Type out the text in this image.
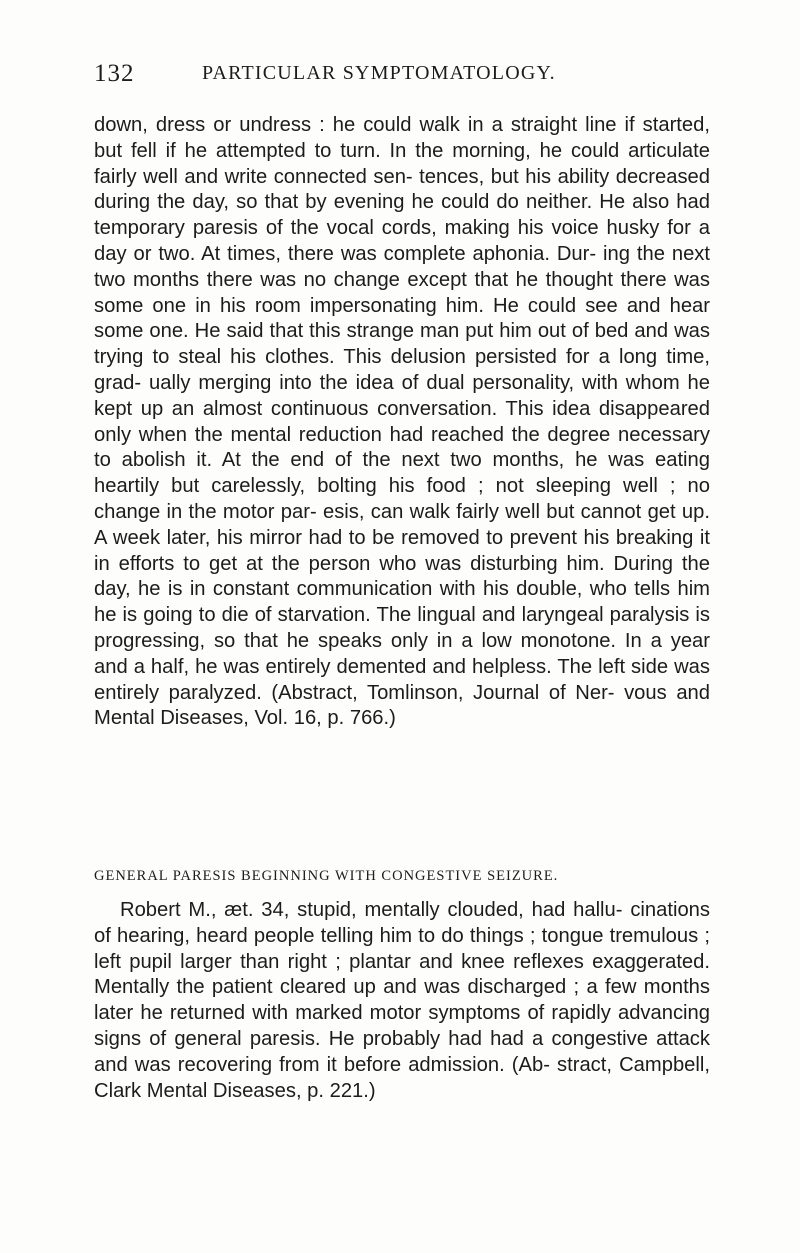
132	PARTICULAR SYMPTOMATOLOGY.

down, dress or undress : he could walk in a straight line if started, but fell if he attempted to turn. In the morning, he could articulate fairly well and write connected sen- tences, but his ability decreased during the day, so that by evening he could do neither. He also had temporary paresis of the vocal cords, making his voice husky for a day or two. At times, there was complete aphonia. Dur- ing the next two months there was no change except that he thought there was some one in his room impersonating him. He could see and hear some one. He said that this strange man put him out of bed and was trying to steal his clothes. This delusion persisted for a long time, grad- ually merging into the idea of dual personality, with whom he kept up an almost continuous conversation. This idea disappeared only when the mental reduction had reached the degree necessary to abolish it. At the end of the next two months, he was eating heartily but carelessly, bolting his food ; not sleeping well ; no change in the motor par- esis, can walk fairly well but cannot get up. A week later, his mirror had to be removed to prevent his breaking it in efforts to get at the person who was disturbing him. During the day, he is in constant communication with his double, who tells him he is going to die of starvation. The lingual and laryngeal paralysis is progressing, so that he speaks only in a low monotone. In a year and a half, he was entirely demented and helpless. The left side was entirely paralyzed. (Abstract, Tomlinson, Journal of Ner- vous and Mental Diseases, Vol. 16, p. 766.)

GENERAL PARESIS BEGINNING WITH CONGESTIVE SEIZURE.

Robert M., æt. 34, stupid, mentally clouded, had hallu- cinations of hearing, heard people telling him to do things ; tongue tremulous ; left pupil larger than right ; plantar and knee reflexes exaggerated. Mentally the patient cleared up and was discharged ; a few months later he returned with marked motor symptoms of rapidly advancing signs of general paresis. He probably had had a congestive attack and was recovering from it before admission. (Ab- stract, Campbell, Clark Mental Diseases, p. 221.)
